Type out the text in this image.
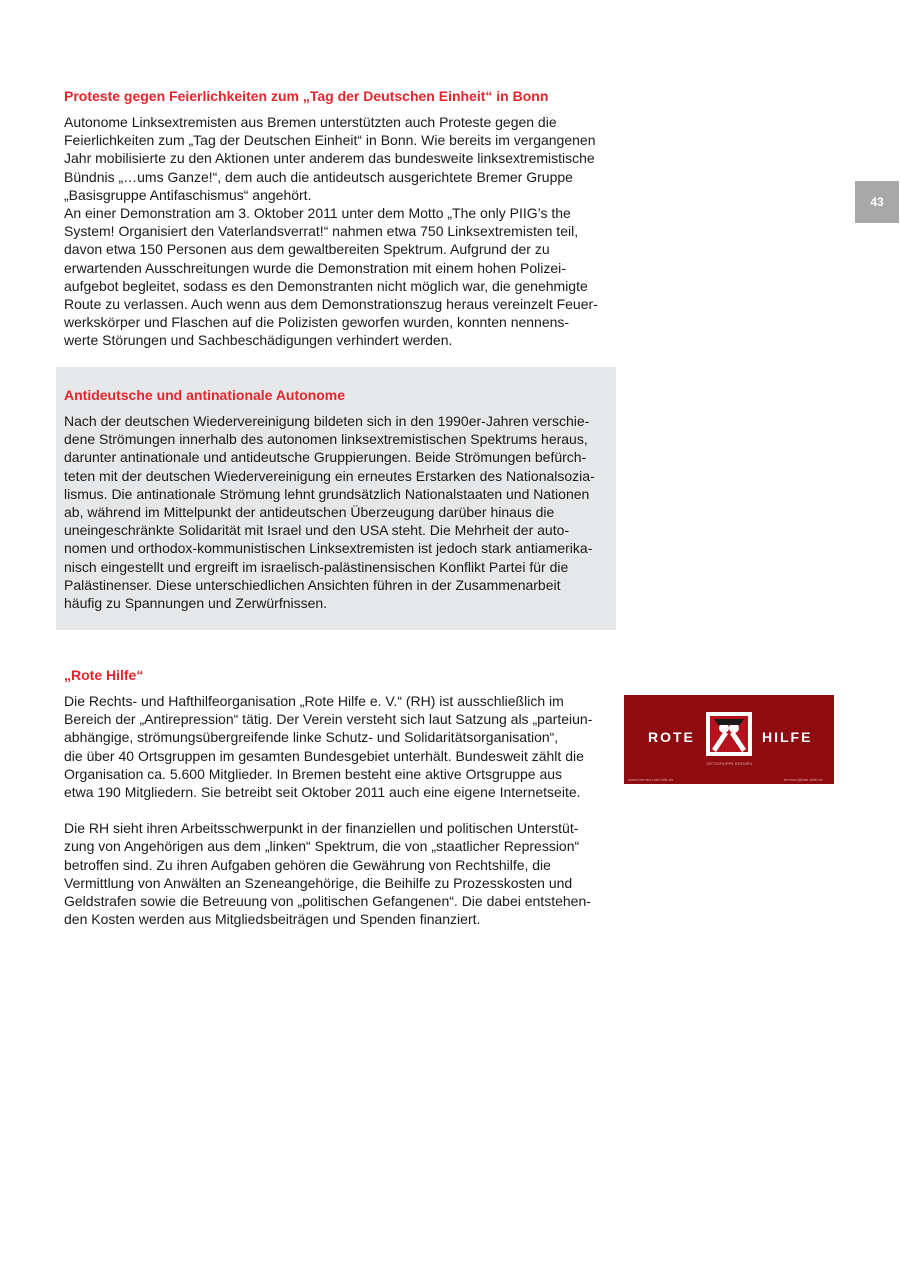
43
Proteste gegen Feierlichkeiten zum „Tag der Deutschen Einheit“ in Bonn

Autonome Linksextremisten aus Bremen unterstützten auch Proteste gegen die
Feierlichkeiten zum „Tag der Deutschen Einheit“ in Bonn. Wie bereits im vergangenen
Jahr mobilisierte zu den Aktionen unter anderem das bundesweite linksextremistische
Bündnis „…ums Ganze!“, dem auch die antideutsch ausgerichtete Bremer Gruppe
„Basisgruppe Antifaschismus“ angehört.

An einer Demonstration am 3. Oktober 2011 unter dem Motto „The only PIIG’s the
System! Organisiert den Vaterlandsverrat!“ nahmen etwa 750 Linksextremisten teil,
davon etwa 150 Personen aus dem gewaltbereiten Spektrum. Aufgrund der zu
erwartenden Ausschreitungen wurde die Demonstration mit einem hohen Polizei-
aufgebot begleitet, sodass es den Demonstranten nicht möglich war, die genehmigte
Route zu verlassen. Auch wenn aus dem Demonstrationszug heraus vereinzelt Feuer-
werkskörper und Flaschen auf die Polizisten geworfen wurden, konnten nennens-
werte Störungen und Sachbeschädigungen verhindert werden.

Antideutsche und antinationale Autonome

Nach der deutschen Wiedervereinigung bildeten sich in den 1990er-Jahren verschie-
dene Strömungen innerhalb des autonomen linksextremistischen Spektrums heraus,
darunter antinationale und antideutsche Gruppierungen. Beide Strömungen befürch-
teten mit der deutschen Wiedervereinigung ein erneutes Erstarken des Nationalsozia-
lismus. Die antinationale Strömung lehnt grundsätzlich Nationalstaaten und Nationen
ab, während im Mittelpunkt der antideutschen Überzeugung darüber hinaus die
uneingeschränkte Solidarität mit Israel und den USA steht. Die Mehrheit der auto-
nomen und orthodox-kommunistischen Linksextremisten ist jedoch stark antiamerika-
nisch eingestellt und ergreift im israelisch-palästinensischen Konflikt Partei für die
Palästinenser. Diese unterschiedlichen Ansichten führen in der Zusammenarbeit
häufig zu Spannungen und Zerwürfnissen.

„Rote Hilfe“

Die Rechts- und Hafthilfeorganisation „Rote Hilfe e. V.“ (RH) ist ausschließlich im
Bereich der „Antirepression“ tätig. Der Verein versteht sich laut Satzung als „parteiun-
abhängige, strömungsübergreifende linke Schutz- und Solidaritätsorganisation“,
die über 40 Ortsgruppen im gesamten Bundesgebiet unterhält. Bundesweit zählt die
Organisation ca. 5.600 Mitglieder. In Bremen besteht eine aktive Ortsgruppe aus
etwa 190 Mitgliedern. Sie betreibt seit Oktober 2011 auch eine eigene Internetseite.

Die RH sieht ihren Arbeitsschwerpunkt in der finanziellen und politischen Unterstüt-
zung von Angehörigen aus dem „linken“ Spektrum, die von „staatlicher Repression“
betroffen sind. Zu ihren Aufgaben gehören die Gewährung von Rechtshilfe, die
Vermittlung von Anwälten an Szeneangehörige, die Beihilfe zu Prozesskosten und
Geldstrafen sowie die Betreuung von „politischen Gefangenen“. Die dabei entstehen-
den Kosten werden aus Mitgliedsbeiträgen und Spenden finanziert.

ROTE	HILFE
ORTSGRUPPE BREMEN
www.bremen.rote-hilfe.de	bremen@rote-hilfe.de
